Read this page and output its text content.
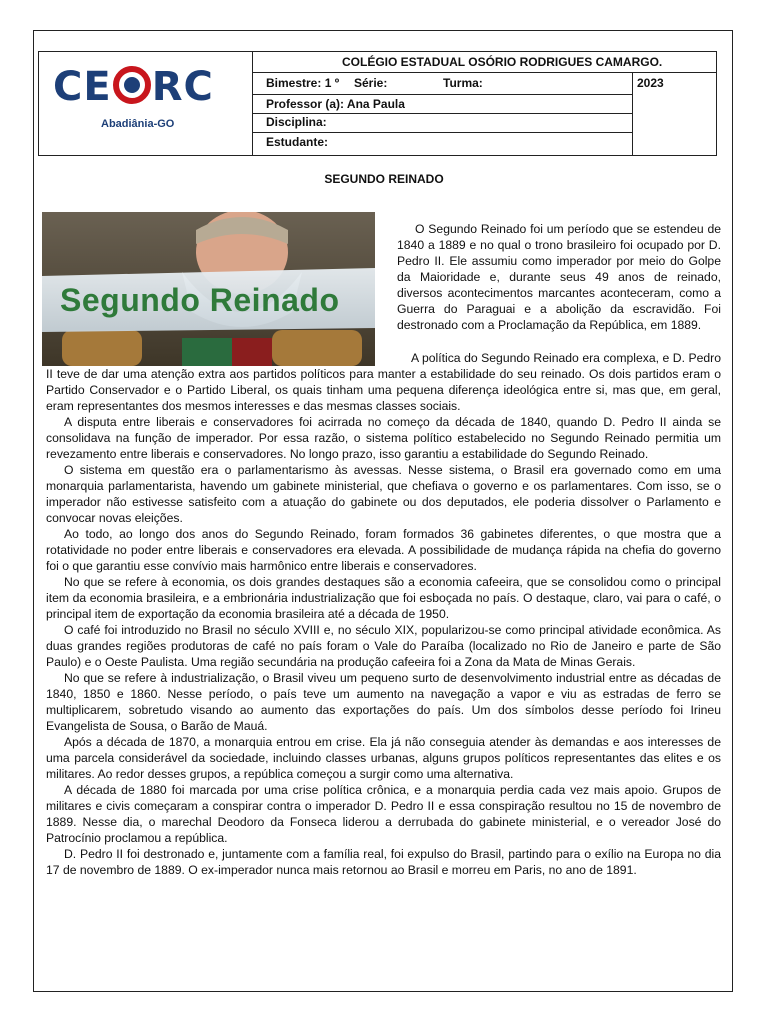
CE RC
Abadiânia-GO
COLÉGIO ESTADUAL OSÓRIO RODRIGUES CAMARGO.
Bimestre: 1 º	Série:	Turma:	2023
Professor (a): Ana Paula
Disciplina:
Estudante:
SEGUNDO REINADO
Segundo Reinado

O Segundo Reinado foi um período que se estendeu de 1840 a 1889 e no qual o trono brasileiro foi ocupado por D. Pedro II. Ele assumiu como imperador por meio do Golpe da Maioridade e, durante seus 49 anos de reinado, diversos acontecimentos marcantes aconteceram, como a Guerra do Paraguai e a abolição da escravidão. Foi destronado com a Proclamação da República, em 1889.

A política do Segundo Reinado era complexa, e D. Pedro II teve de dar uma atenção extra aos partidos políticos para manter a estabilidade do seu reinado. Os dois partidos eram o Partido Conservador e o Partido Liberal, os quais tinham uma pequena diferença ideológica entre si, mas que, em geral, eram representantes dos mesmos interesses e das mesmas classes sociais.

A disputa entre liberais e conservadores foi acirrada no começo da década de 1840, quando D. Pedro II ainda se consolidava na função de imperador. Por essa razão, o sistema político estabelecido no Segundo Reinado permitia um revezamento entre liberais e conservadores. No longo prazo, isso garantiu a estabilidade do Segundo Reinado.

O sistema em questão era o parlamentarismo às avessas. Nesse sistema, o Brasil era governado como em uma monarquia parlamentarista, havendo um gabinete ministerial, que chefiava o governo e os parlamentares. Com isso, se o imperador não estivesse satisfeito com a atuação do gabinete ou dos deputados, ele poderia dissolver o Parlamento e convocar novas eleições.

Ao todo, ao longo dos anos do Segundo Reinado, foram formados 36 gabinetes diferentes, o que mostra que a rotatividade no poder entre liberais e conservadores era elevada. A possibilidade de mudança rápida na chefia do governo foi o que garantiu esse convívio mais harmônico entre liberais e conservadores.

No que se refere à economia, os dois grandes destaques são a economia cafeeira, que se consolidou como o principal item da economia brasileira, e a embrionária industrialização que foi esboçada no país. O destaque, claro, vai para o café, o principal item de exportação da economia brasileira até a década de 1950.

O café foi introduzido no Brasil no século XVIII e, no século XIX, popularizou-se como principal atividade econômica. As duas grandes regiões produtoras de café no país foram o Vale do Paraíba (localizado no Rio de Janeiro e parte de São Paulo) e o Oeste Paulista. Uma região secundária na produção cafeeira foi a Zona da Mata de Minas Gerais.

No que se refere à industrialização, o Brasil viveu um pequeno surto de desenvolvimento industrial entre as décadas de 1840, 1850 e 1860. Nesse período, o país teve um aumento na navegação a vapor e viu as estradas de ferro se multiplicarem, sobretudo visando ao aumento das exportações do país. Um dos símbolos desse período foi Irineu Evangelista de Sousa, o Barão de Mauá.

Após a década de 1870, a monarquia entrou em crise. Ela já não conseguia atender às demandas e aos interesses de uma parcela considerável da sociedade, incluindo classes urbanas, alguns grupos políticos representantes das elites e os militares. Ao redor desses grupos, a república começou a surgir como uma alternativa.

A década de 1880 foi marcada por uma crise política crônica, e a monarquia perdia cada vez mais apoio. Grupos de militares e civis começaram a conspirar contra o imperador D. Pedro II e essa conspiração resultou no 15 de novembro de 1889. Nesse dia, o marechal Deodoro da Fonseca liderou a derrubada do gabinete ministerial, e o vereador José do Patrocínio proclamou a república.

D. Pedro II foi destronado e, juntamente com a família real, foi expulso do Brasil, partindo para o exílio na Europa no dia 17 de novembro de 1889. O ex-imperador nunca mais retornou ao Brasil e morreu em Paris, no ano de 1891.
